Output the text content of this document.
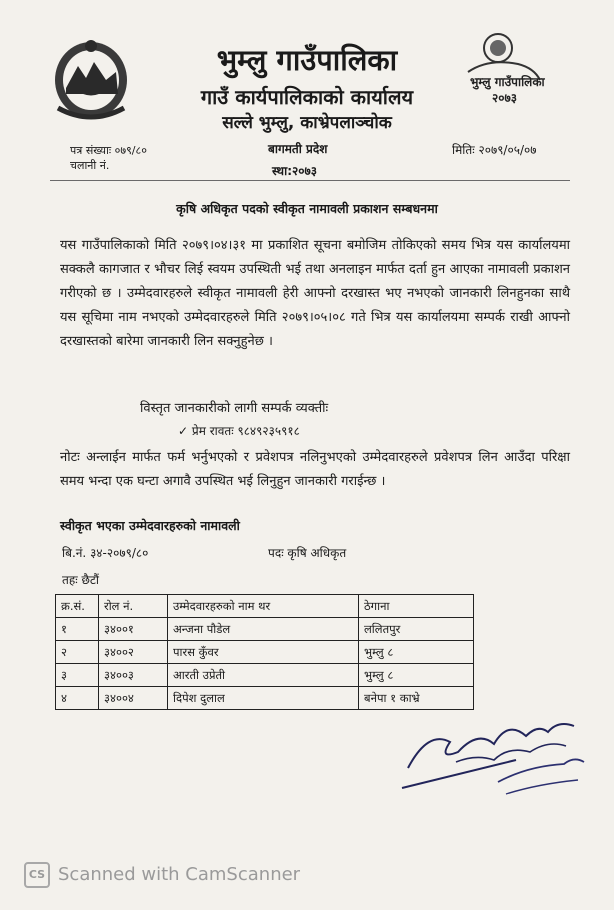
भुम्लु गाउँपालिका
२०७३
भुम्लु गाउँपालिका
गाउँ कार्यपालिकाको कार्यालय
सल्ले भुम्लु, काभ्रेपलाञ्चोक
पत्र संख्याः ०७९/८०
चलानी नं.
बागमती प्रदेश
स्था:२०७३
मितिः २०७९/०५/०७
कृषि अधिकृत पदको स्वीकृत नामावली प्रकाशन सम्बधनमा
यस गाउँपालिकाको मिति २०७९।०४।३१ मा प्रकाशित सूचना बमोजिम तोकिएको समय भित्र यस कार्यालयमा सक्कलै कागजात र भौचर लिई स्वयम उपस्थिती भई तथा अनलाइन मार्फत दर्ता हुन आएका नामावली प्रकाशन गरीएको छ । उम्मेदवारहरुले स्वीकृत नामावली हेरी आफ्नो दरखास्त भए नभएको जानकारी लिनहुनका साथै यस सूचिमा नाम नभएको उम्मेदवारहरुले मिति २०७९।०५।०८ गते भित्र यस कार्यालयमा सम्पर्क राखी आफ्नो दरखास्तको बारेमा जानकारी लिन सक्नुहुनेछ ।
विस्तृत जानकारीको लागी सम्पर्क व्यक्तीः
✓ प्रेम रावतः ९८४९२३५९१८
नोटः अन्लाईन मार्फत फर्म भर्नुभएको र प्रवेशपत्र नलिनुभएको उम्मेदवारहरुले प्रवेशपत्र लिन आउँदा परिक्षा समय भन्दा एक घन्टा अगावै उपस्थित भई लिनुहुन जानकारी गराईन्छ ।
स्वीकृत भएका उम्मेदवारहरुको नामावली
बि.नं. ३४-२०७९/८०	पदः कृषि अधिकृत
तहः छैटौं
क्र.सं.	रोल नं.	उम्मेदवारहरुको नाम थर	ठेगाना
१	३४००१	अन्जना पौडेल	ललितपुर
२	३४००२	पारस कुँवर	भुम्लु ८
३	३४००३	आरती उप्रेती	भुम्लु ८
४	३४००४	दिपेश दुलाल	बनेपा १ काभ्रे
CS Scanned with CamScanner
